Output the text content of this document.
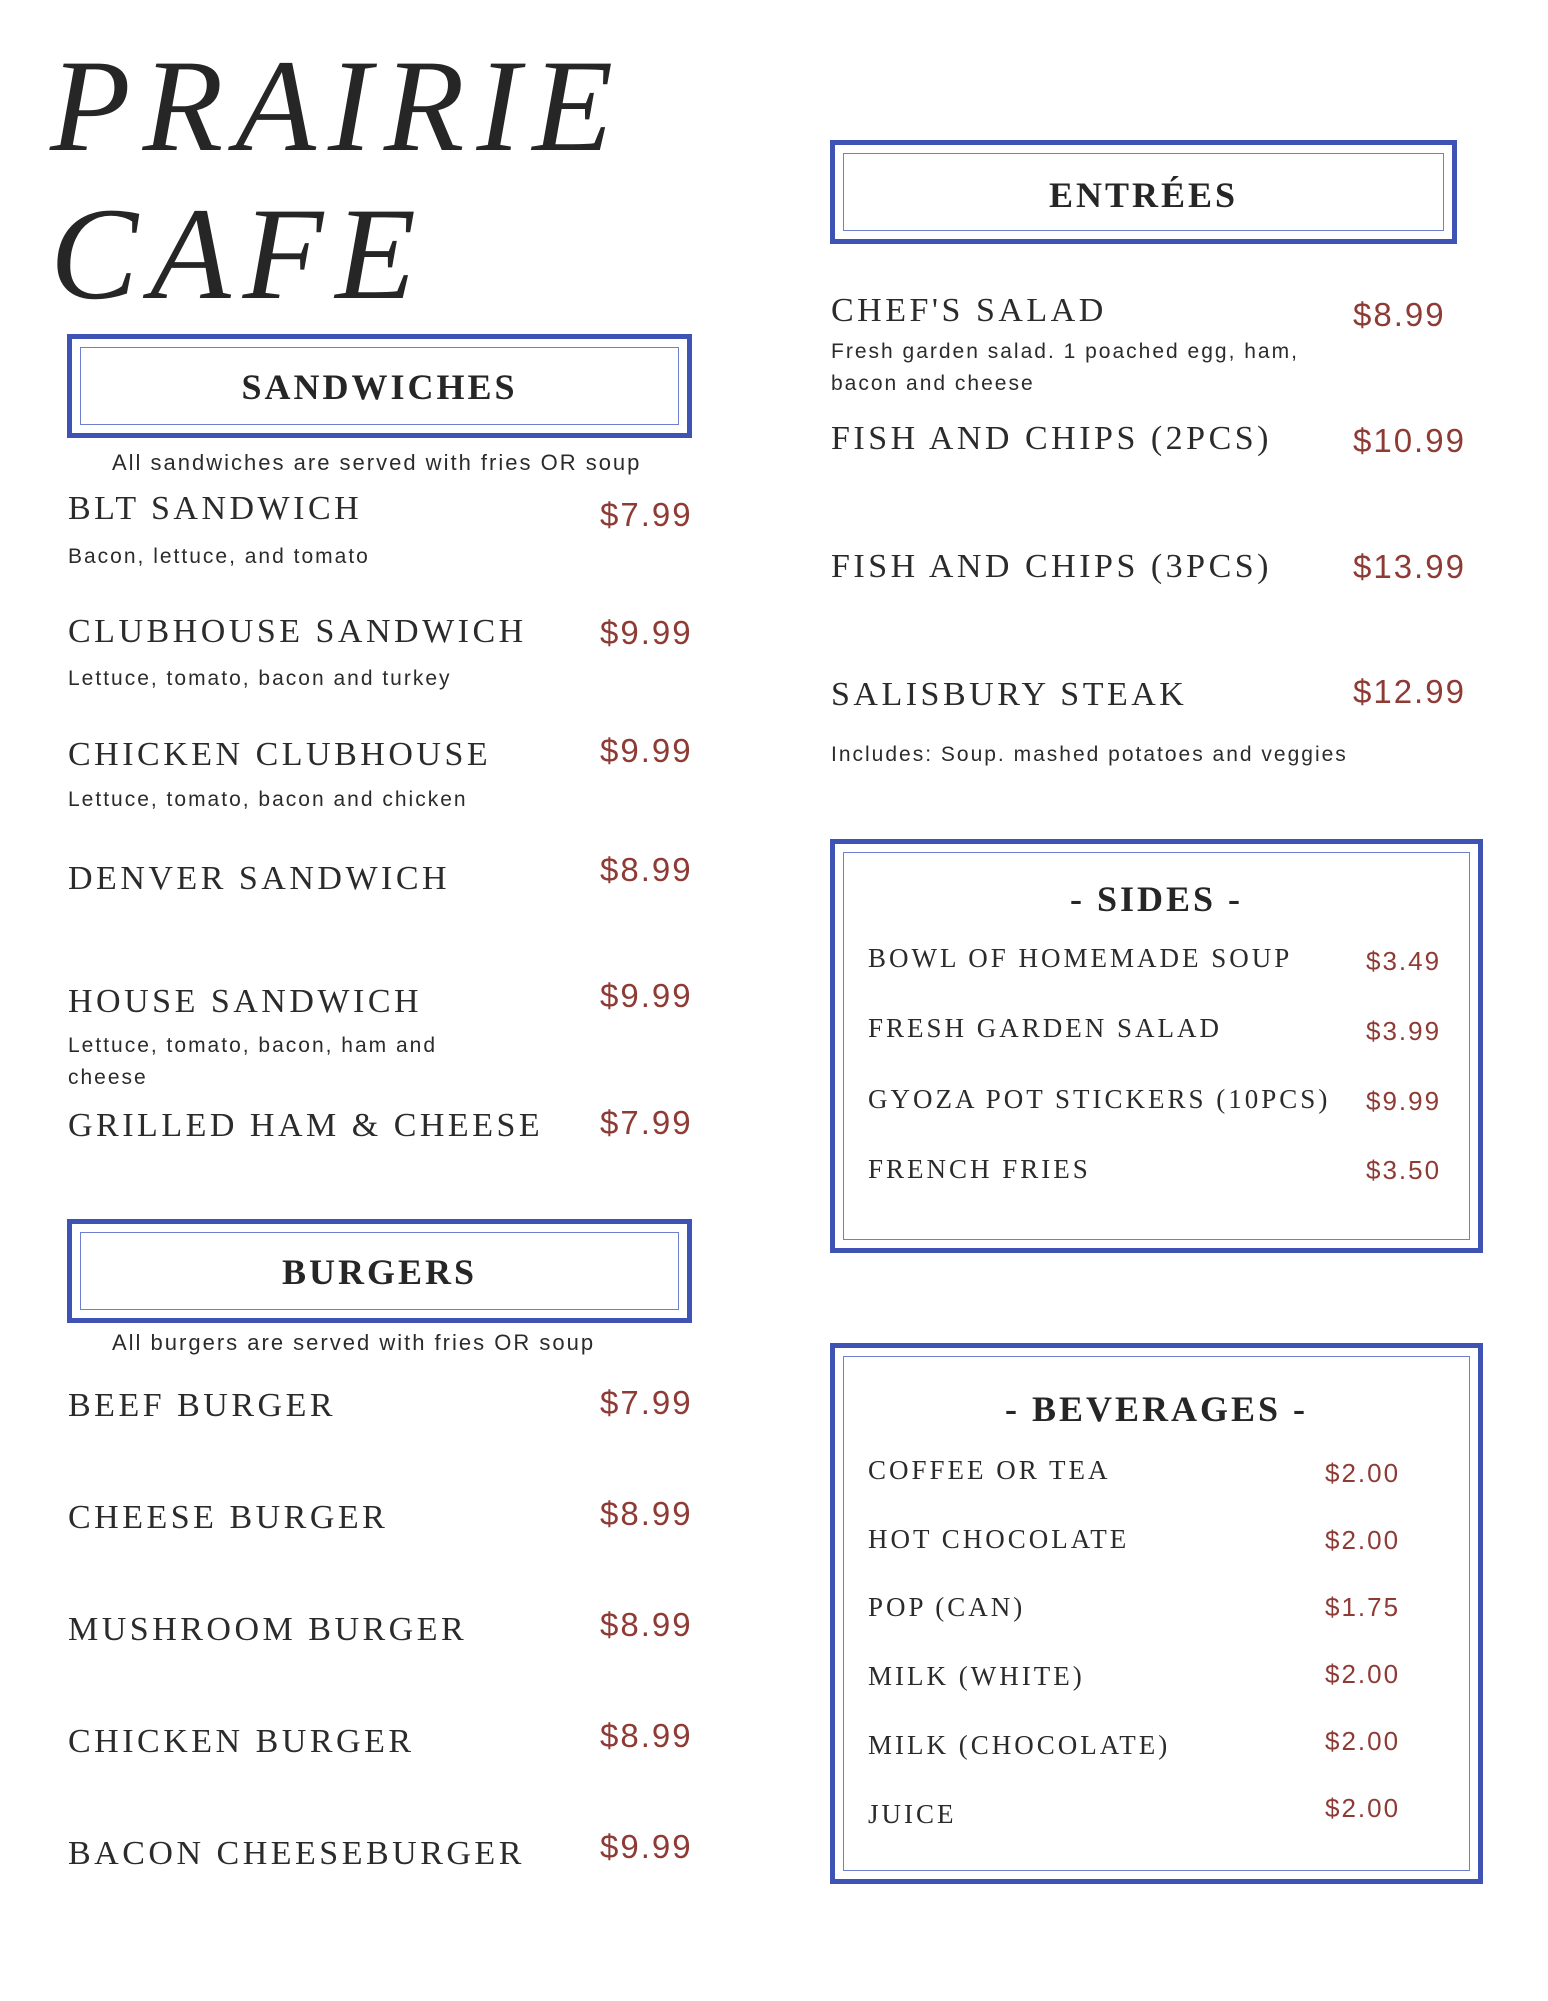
PRAIRIE
CAFE
SANDWICHES
All sandwiches are served with fries OR soup
BLT SANDWICH	$7.99
Bacon, lettuce, and tomato
CLUBHOUSE SANDWICH $9.99
Lettuce, tomato, bacon and turkey
CHICKEN CLUBHOUSE	$9.99
Lettuce, tomato, bacon and chicken
DENVER SANDWICH	$8.99
HOUSE SANDWICH	$9.99
Lettuce, tomato, bacon, ham and cheese
GRILLED HAM & CHEESE $7.99
BURGERS
All burgers are served with fries OR soup
BEEF BURGER	$7.99
CHEESE BURGER	$8.99
MUSHROOM BURGER	$8.99
CHICKEN BURGER	$8.99
BACON CHEESEBURGER $9.99
ENTRÉES
CHEF'S SALAD	$8.99
Fresh garden salad. 1 poached egg, ham, bacon and cheese
FISH AND CHIPS (2PCS) $10.99
FISH AND CHIPS (3PCS) $13.99
SALISBURY STEAK	$12.99
Includes: Soup. mashed potatoes and veggies
- SIDES -
BOWL OF HOMEMADE SOUP	$3.49
FRESH GARDEN SALAD	$3.99
GYOZA POT STICKERS (10PCS) $9.99
FRENCH FRIES	$3.50
- BEVERAGES -
COFFEE OR TEA	$2.00
HOT CHOCOLATE	$2.00
POP (CAN)	$1.75
MILK (WHITE)	$2.00
MILK (CHOCOLATE)	$2.00
JUICE	$2.00
